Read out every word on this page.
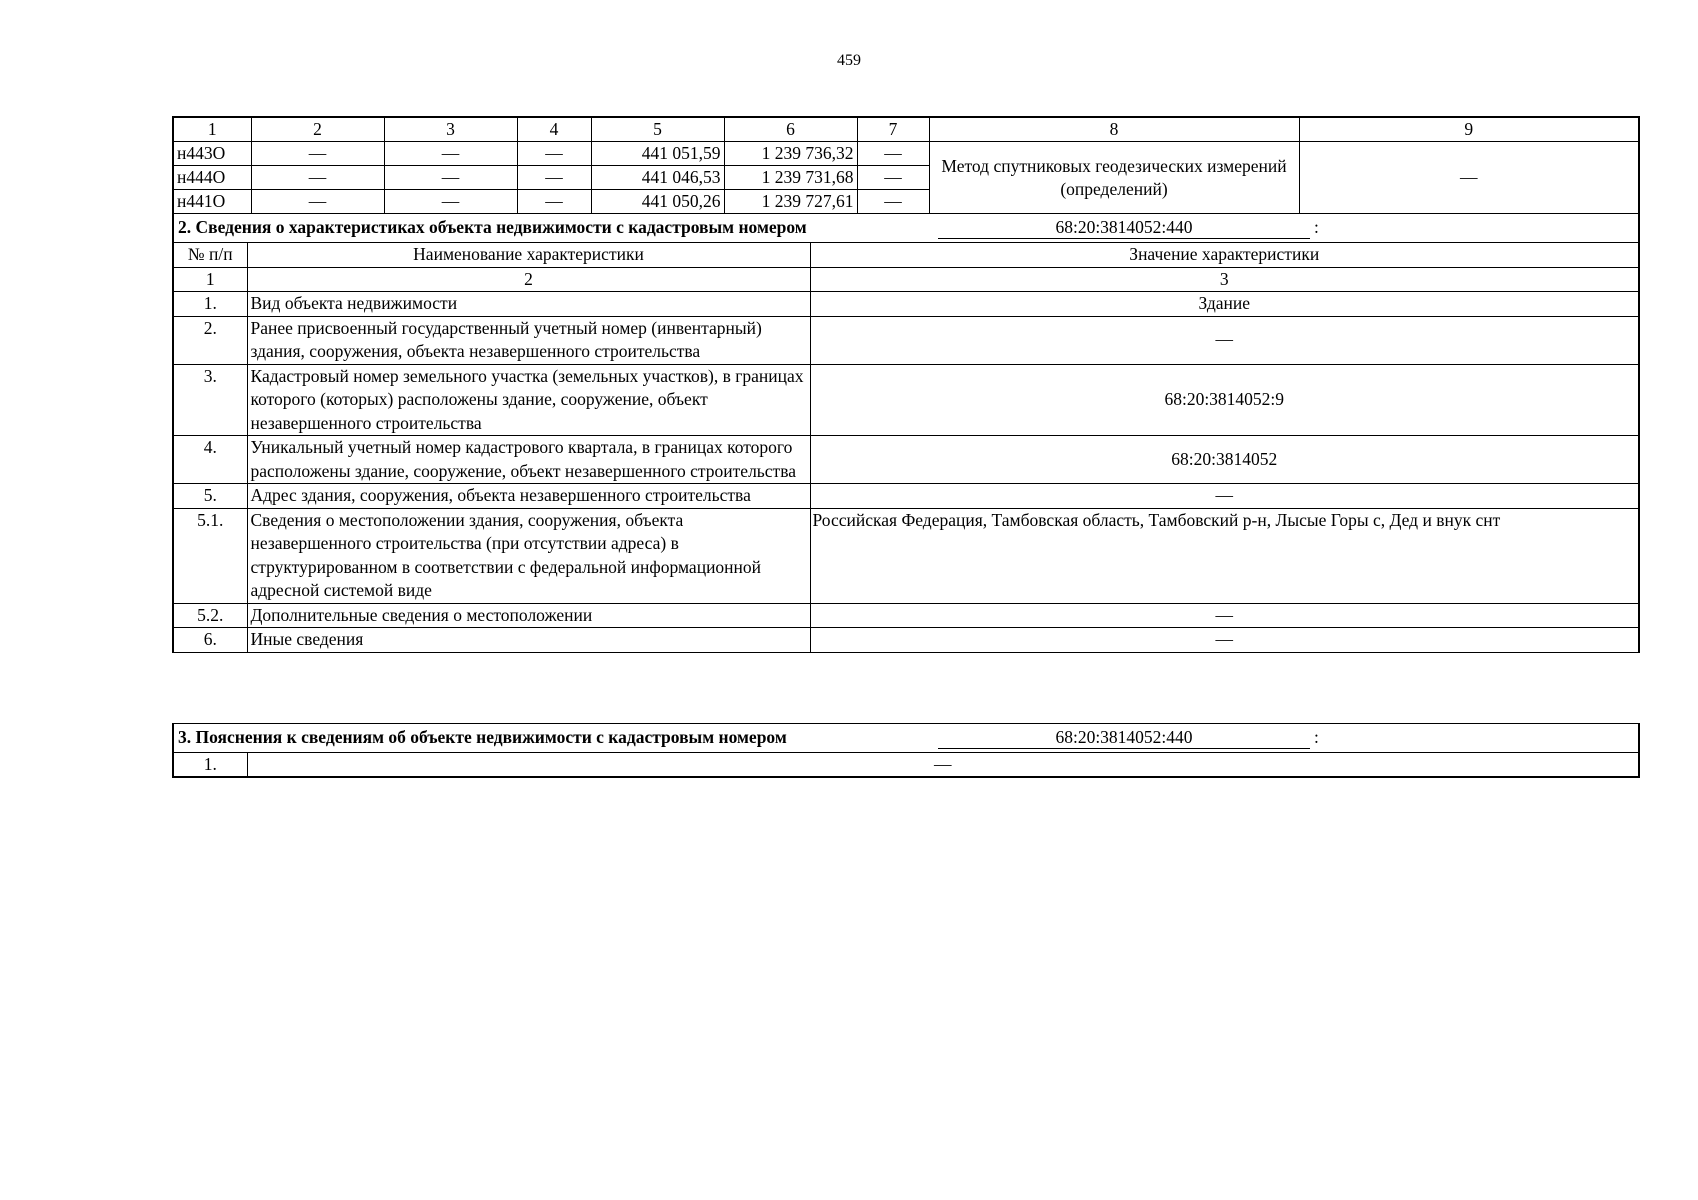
459
1	2	3	4	5	6	7	8	9
н443О	—	—	—	441 051,59	1 239 736,32	—	Метод спутниковых геодезических измерений (определений)	—
н444О	—	—	—	441 046,53	1 239 731,68	—		
н441О	—	—	—	441 050,26	1 239 727,61	—		
2. Сведения о характеристиках объекта недвижимости с кадастровым номером 68:20:3814052:440 :		

№ п/п	Наименование характеристики	Значение характеристики
1	2	3
1.	Вид объекта недвижимости	Здание
2.	Ранее присвоенный государственный учетный номер (инвентарный) здания, сооружения, объекта незавершенного строительства	—
3.	Кадастровый номер земельного участка (земельных участков), в границах которого (которых) расположены здание, сооружение, объект незавершенного строительства	68:20:3814052:9
4.	Уникальный учетный номер кадастрового квартала, в границах которого расположены здание, сооружение, объект незавершенного строительства	68:20:3814052
5.	Адрес здания, сооружения, объекта незавершенного строительства	—
5.1.	Сведения о местоположении здания, сооружения, объекта незавершенного строительства (при отсутствии адреса) в структурированном в соответствии с федеральной информационной адресной системой виде	Российская Федерация, Тамбовская область, Тамбовский р-н, Лысые Горы с, Дед и внук снт
5.2.	Дополнительные сведения о местоположении	—
6.	Иные сведения	—
3. Пояснения к сведениям об объекте недвижимости с кадастровым номером	68:20:3814052:440	:

1.	—
